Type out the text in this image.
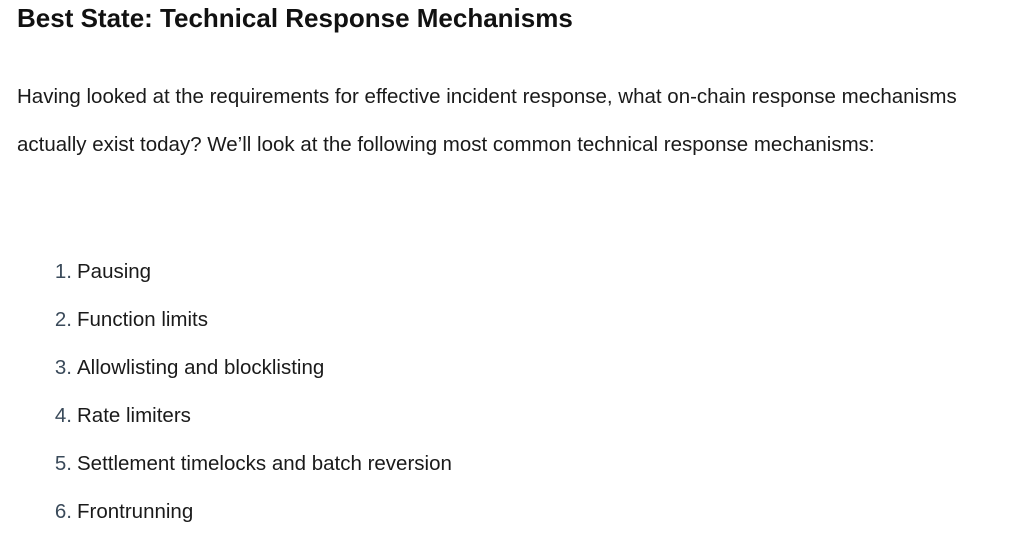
Best State: Technical Response Mechanisms

Having looked at the requirements for effective incident response, what on-chain response mechanisms actually exist today? We’ll look at the following most common technical response mechanisms:

1. Pausing
2. Function limits
3. Allowlisting and blocklisting
4. Rate limiters
5. Settlement timelocks and batch reversion
6. Frontrunning
